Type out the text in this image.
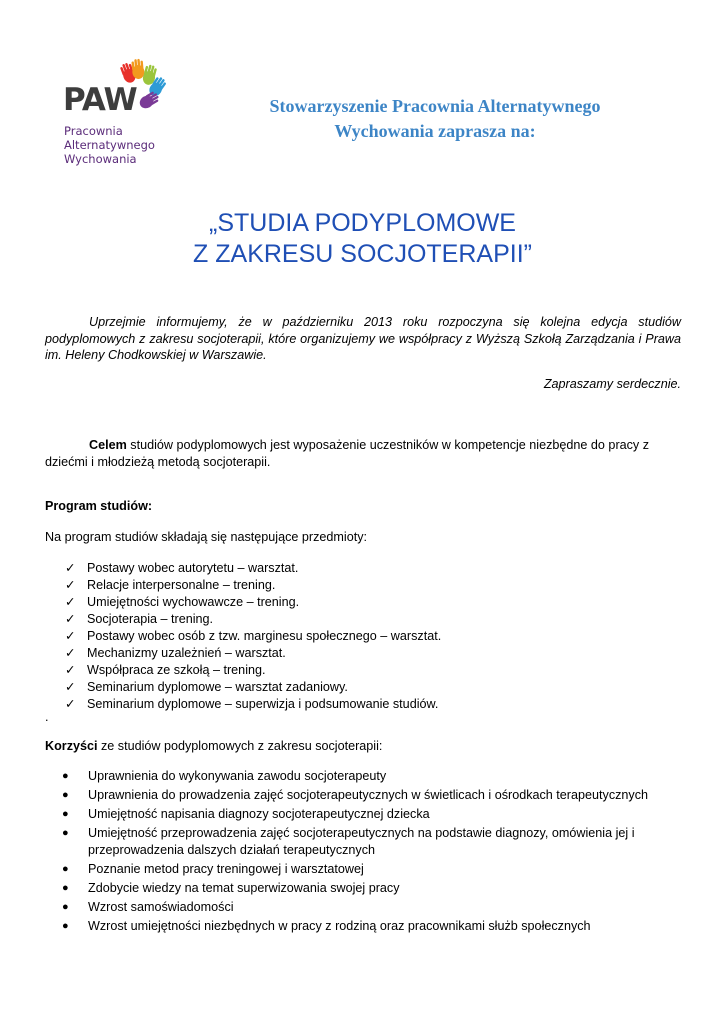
PAW
Pracownia
Alternatywnego
Wychowania
Stowarzyszenie Pracownia Alternatywnego
Wychowania zaprasza na:
„STUDIA PODYPLOMOWE
Z ZAKRESU SOCJOTERAPII”

Uprzejmie informujemy, że w październiku 2013 roku rozpoczyna się kolejna edycja studiów podyplomowych z zakresu socjoterapii, które organizujemy we współpracy z Wyższą Szkołą Zarządzania i Prawa im. Heleny Chodkowskiej w Warszawie.

Zapraszamy serdecznie.

Celem studiów podyplomowych jest wyposażenie uczestników w kompetencje niezbędne do pracy z dziećmi i młodzieżą metodą socjoterapii.

Program studiów:
Na program studiów składają się następujące przedmioty:
✓ Postawy wobec autorytetu – warsztat.
✓ Relacje interpersonalne – trening.
✓ Umiejętności wychowawcze – trening.
✓ Socjoterapia – trening.
✓ Postawy wobec osób z tzw. marginesu społecznego – warsztat.
✓ Mechanizmy uzależnień – warsztat.
✓ Współpraca ze szkołą – trening.
✓ Seminarium dyplomowe – warsztat zadaniowy.
✓ Seminarium dyplomowe – superwizja i podsumowanie studiów.
.
Korzyści ze studiów podyplomowych z zakresu socjoterapii:
● Uprawnienia do wykonywania zawodu socjoterapeuty
● Uprawnienia do prowadzenia zajęć socjoterapeutycznych w świetlicach i ośrodkach terapeutycznych
● Umiejętność napisania diagnozy socjoterapeutycznej dziecka
● Umiejętność przeprowadzenia zajęć socjoterapeutycznych na podstawie diagnozy, omówienia jej i przeprowadzenia dalszych działań terapeutycznych
● Poznanie metod pracy treningowej i warsztatowej
● Zdobycie wiedzy na temat superwizowania swojej pracy
● Wzrost samoświadomości
● Wzrost umiejętności niezbędnych w pracy z rodziną oraz pracownikami służb społecznych
